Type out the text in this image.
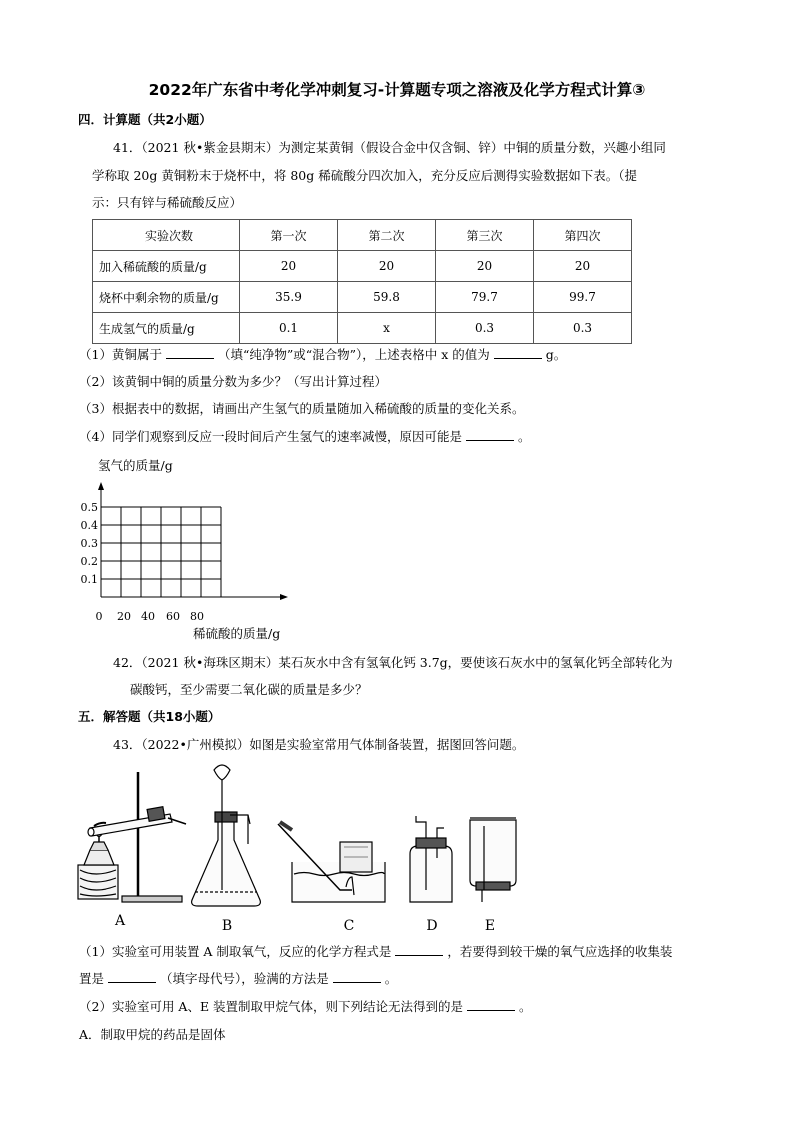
2022年广东省中考化学冲刺复习-计算题专项之溶液及化学方程式计算③
四．计算题（共2小题）
41．（2021 秋•紫金县期末）为测定某黄铜（假设合金中仅含铜、锌）中铜的质量分数，兴趣小组同
学称取 20g 黄铜粉末于烧杯中，将 80g 稀硫酸分四次加入，充分反应后测得实验数据如下表。（提
示：只有锌与稀硫酸反应）
实验次数	第一次	第二次	第三次	第四次
加入稀硫酸的质量/g	20	20	20	20
烧杯中剩余物的质量/g	35.9	59.8	79.7	99.7
生成氢气的质量/g	0.1	x	0.3	0.3
（1）黄铜属于	（填“纯净物”或“混合物”），上述表格中 x 的值为	g。
（2）该黄铜中铜的质量分数为多少？（写出计算过程）
（3）根据表中的数据，请画出产生氢气的质量随加入稀硫酸的质量的变化关系。
（4）同学们观察到反应一段时间后产生氢气的速率减慢，原因可能是	。
氢气的质量/g
0.5
0.4
0.3
0.2
0.1
0 20 40 60 80
稀硫酸的质量/g
42．（2021 秋•海珠区期末）某石灰水中含有氢氧化钙 3.7g，要使该石灰水中的氢氧化钙全部转化为
碳酸钙，至少需要二氧化碳的质量是多少？
五．解答题（共18小题）
43．（2022•广州模拟）如图是实验室常用气体制备装置，据图回答问题。
A	B	C	D	E
（1）实验室可用装置 A 制取氧气，反应的化学方程式是	，若要得到较干燥的氧气应选择的收集装
置是	（填字母代号），验满的方法是	。
（2）实验室可用 A、E 装置制取甲烷气体，则下列结论无法得到的是	。
A．制取甲烷的药品是固体
